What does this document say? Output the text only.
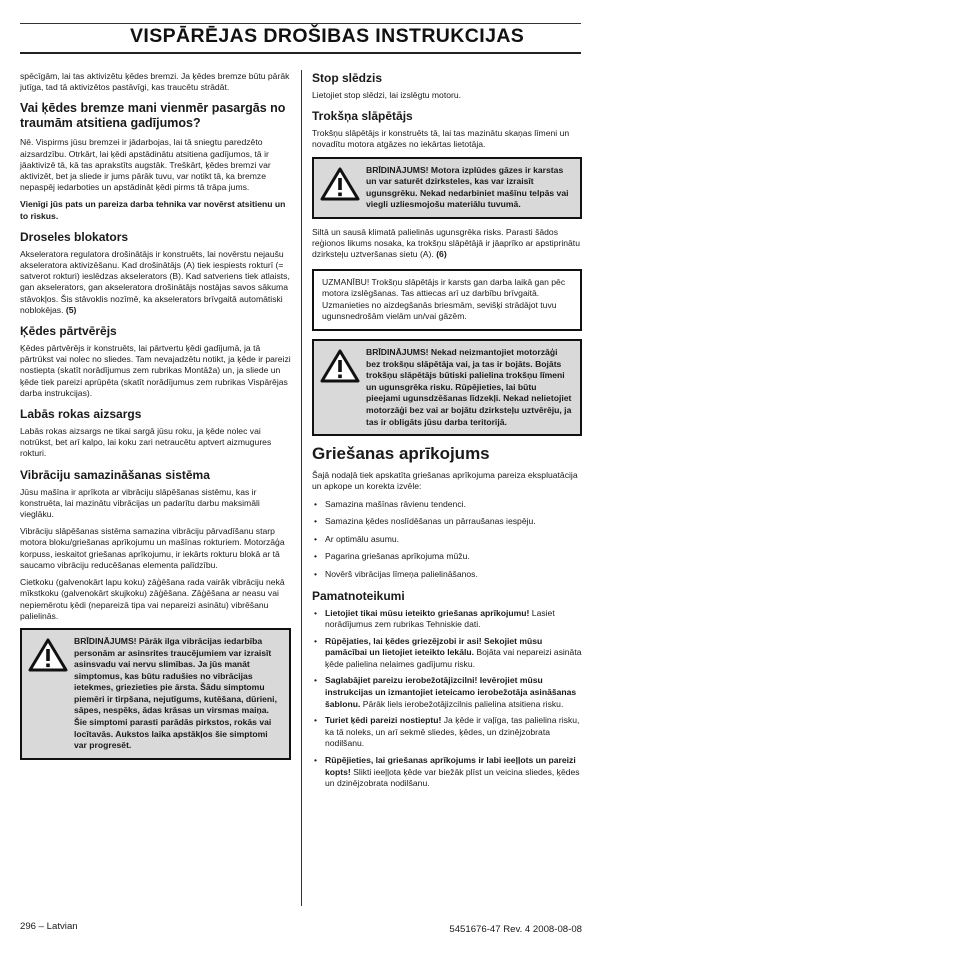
VISPĀRĒJAS DROŠIBAS INSTRUKCIJAS

spēcīgām, lai tas aktivizētu ķēdes bremzi. Ja ķēdes bremze būtu pārāk jutīga, tad tā aktivizētos pastāvīgi, kas traucētu strādāt.

Vai ķēdes bremze mani vienmēr pasargās no traumām atsitiena gadījumos?

Nē. Vispirms jūsu bremzei ir jādarbojas, lai tā sniegtu paredzēto aizsardzību. Otrkārt, lai ķēdi apstādinātu atsitiena gadījumos, tā ir jāaktivizē tā, kā tas aprakstīts augstāk. Treškārt, ķēdes bremzi var aktivizēt, bet ja sliede ir jums pārāk tuvu, var notikt tā, ka bremze nepaspēj iedarboties un apstādināt ķēdi pirms tā trāpa jums.

Vienīgi jūs pats un pareiza darba tehnika var novērst atsitienu un to riskus.

Droseles blokators

Akseleratora regulatora drošinātājs ir konstruēts, lai novērstu nejaušu akseleratora aktivizēšanu. Kad drošinātājs (A) tiek iespiests rokturī (= satverot rokturi) ieslēdzas akselerators (B). Kad satveriens tiek atlaists, gan akselerators, gan akseleratora drošinātājs nostājas savos sākuma stāvokļos. Šis stāvoklis nozīmē, ka akselerators brīvgaitā automātiski noblokējas. (5)

Ķēdes pārtvērējs

Ķēdes pārtvērējs ir konstruēts, lai pārtvertu ķēdi gadījumā, ja tā pārtrūkst vai nolec no sliedes. Tam nevajadzētu notikt, ja ķēde ir pareizi nostiepta (skatīt norādījumus zem rubrikas Montāža) un, ja sliede un ķēde tiek pareizi aprūpēta (skatīt norādījumus zem rubrikas Vispārējas darba instrukcijas).

Labās rokas aizsargs

Labās rokas aizsargs ne tikai sargā jūsu roku, ja ķēde nolec vai notrūkst, bet arī kalpo, lai koku zari netraucētu aptvert aizmugures rokturi.

Vibrāciju samazināšanas sistēma

Jūsu mašīna ir aprīkota ar vibrāciju slāpēšanas sistēmu, kas ir konstruēta, lai mazinātu vibrācijas un padarītu darbu maksimāli vieglāku.

Vibrāciju slāpēšanas sistēma samazina vibrāciju pārvadīšanu starp motora bloku/griešanas aprīkojumu un mašīnas rokturiem. Motorzāģa korpuss, ieskaitot griešanas aprīkojumu, ir iekārts rokturu blokā ar tā saucamo vibrāciju reducēšanas elementa palīdzību.

Cietkoku (galvenokārt lapu koku) zāģēšana rada vairāk vibrāciju nekā mīkstkoku (galvenokārt skujkoku) zāģēšana. Zāģēšana ar neasu vai nepiemērotu ķēdi (nepareizā tipa vai nepareizi asinātu) vibrēšanu palielinās.

BRĪDINĀJUMS! Pārāk ilga vibrācijas iedarbība personām ar asinsrites traucējumiem var izraisīt asinsvadu vai nervu slimības. Ja jūs manāt simptomus, kas būtu radušies no vibrācijas ietekmes, griezieties pie ārsta. Šādu simptomu piemēri ir tirpšana, nejutīgums, kutēšana, dūrieni, sāpes, nespēks, ādas krāsas un virsmas maiņa. Šie simptomi parasti parādās pirkstos, rokās vai locītavās. Aukstos laika apstākļos šie simptomi var progresēt.

Stop slēdzis

Lietojiet stop slēdzi, lai izslēgtu motoru.

Trokšņa slāpētājs

Trokšņu slāpētājs ir konstruēts tā, lai tas mazinātu skaņas līmeni un novadītu motora atgāzes no iekārtas lietotāja.

BRĪDINĀJUMS! Motora izplūdes gāzes ir karstas un var saturēt dzirksteles, kas var izraisīt ugunsgrēku. Nekad nedarbiniet mašīnu telpās vai viegli uzliesmojošu materiālu tuvumā.

Siltā un sausā klimatā palielinās ugunsgrēka risks. Parasti šādos reģionos likums nosaka, ka trokšņu slāpētājā ir jāaprīko ar apstiprinātu dzirksteļu uztveršanas sietu (A). (6)

UZMANĪBU! Trokšņu slāpētājs ir karsts gan darba laikā gan pēc motora izslēgšanas. Tas attiecas arī uz darbību brīvgaitā. Uzmanieties no aizdegšanās briesmām, sevišķi strādājot tuvu ugunsnedrošām vielām un/vai gāzēm.

BRĪDINĀJUMS! Nekad neizmantojiet motorzāģi bez trokšņu slāpētāja vai, ja tas ir bojāts. Bojāts trokšņu slāpētājs būtiski palielina trokšņu līmeni un ugunsgrēka risku. Rūpējieties, lai būtu pieejami ugunsdzēšanas līdzekļi. Nekad nelietojiet motorzāģi bez vai ar bojātu dzirksteļu uztvērēju, ja tas ir obligāts jūsu darba teritorijā.

Griešanas aprīkojums

Šajā nodaļā tiek apskatīta griešanas aprīkojuma pareiza ekspluatācija un apkope un korekta izvēle:

• Samazina mašīnas rāvienu tendenci.
• Samazina ķēdes noslīdēšanas un pārraušanas iespēju.
• Ar optimālu asumu.
• Pagarina griešanas aprīkojuma mūžu.
• Novērš vibrācijas līmeņa palielināšanos.
Pamatnoteikumi
• Lietojiet tikai mūsu ieteikto griešanas aprīkojumu! Lasiet norādījumus zem rubrikas Tehniskie dati.
• Rūpējaties, lai ķēdes griezējzobi ir asi! Sekojiet mūsu pamācībai un lietojiet ieteikto lekālu. Bojāta vai nepareizi asināta ķēde palielina nelaimes gadījumu risku.
• Saglabājiet pareizu ierobežotājizcilni! Ievērojiet mūsu instrukcijas un izmantojiet ieteicamo ierobežotāja asināšanas šablonu. Pārāk liels ierobežotājizcilnis palielina atsitiena risku.
• Turiet ķēdi pareizi nostieptu! Ja ķēde ir vaļīga, tas palielina risku, ka tā noleks, un arī sekmē sliedes, ķēdes, un dzinējzobrata nodilšanu.
• Rūpējieties, lai griešanas aprīkojums ir labi ieeļļots un pareizi kopts! Slikti ieeļļota ķēde var biežāk plīst un veicina sliedes, ķēdes un dzinējzobrata nodilšanu.
296 – Latvian	5451676-47 Rev. 4 2008-08-08
